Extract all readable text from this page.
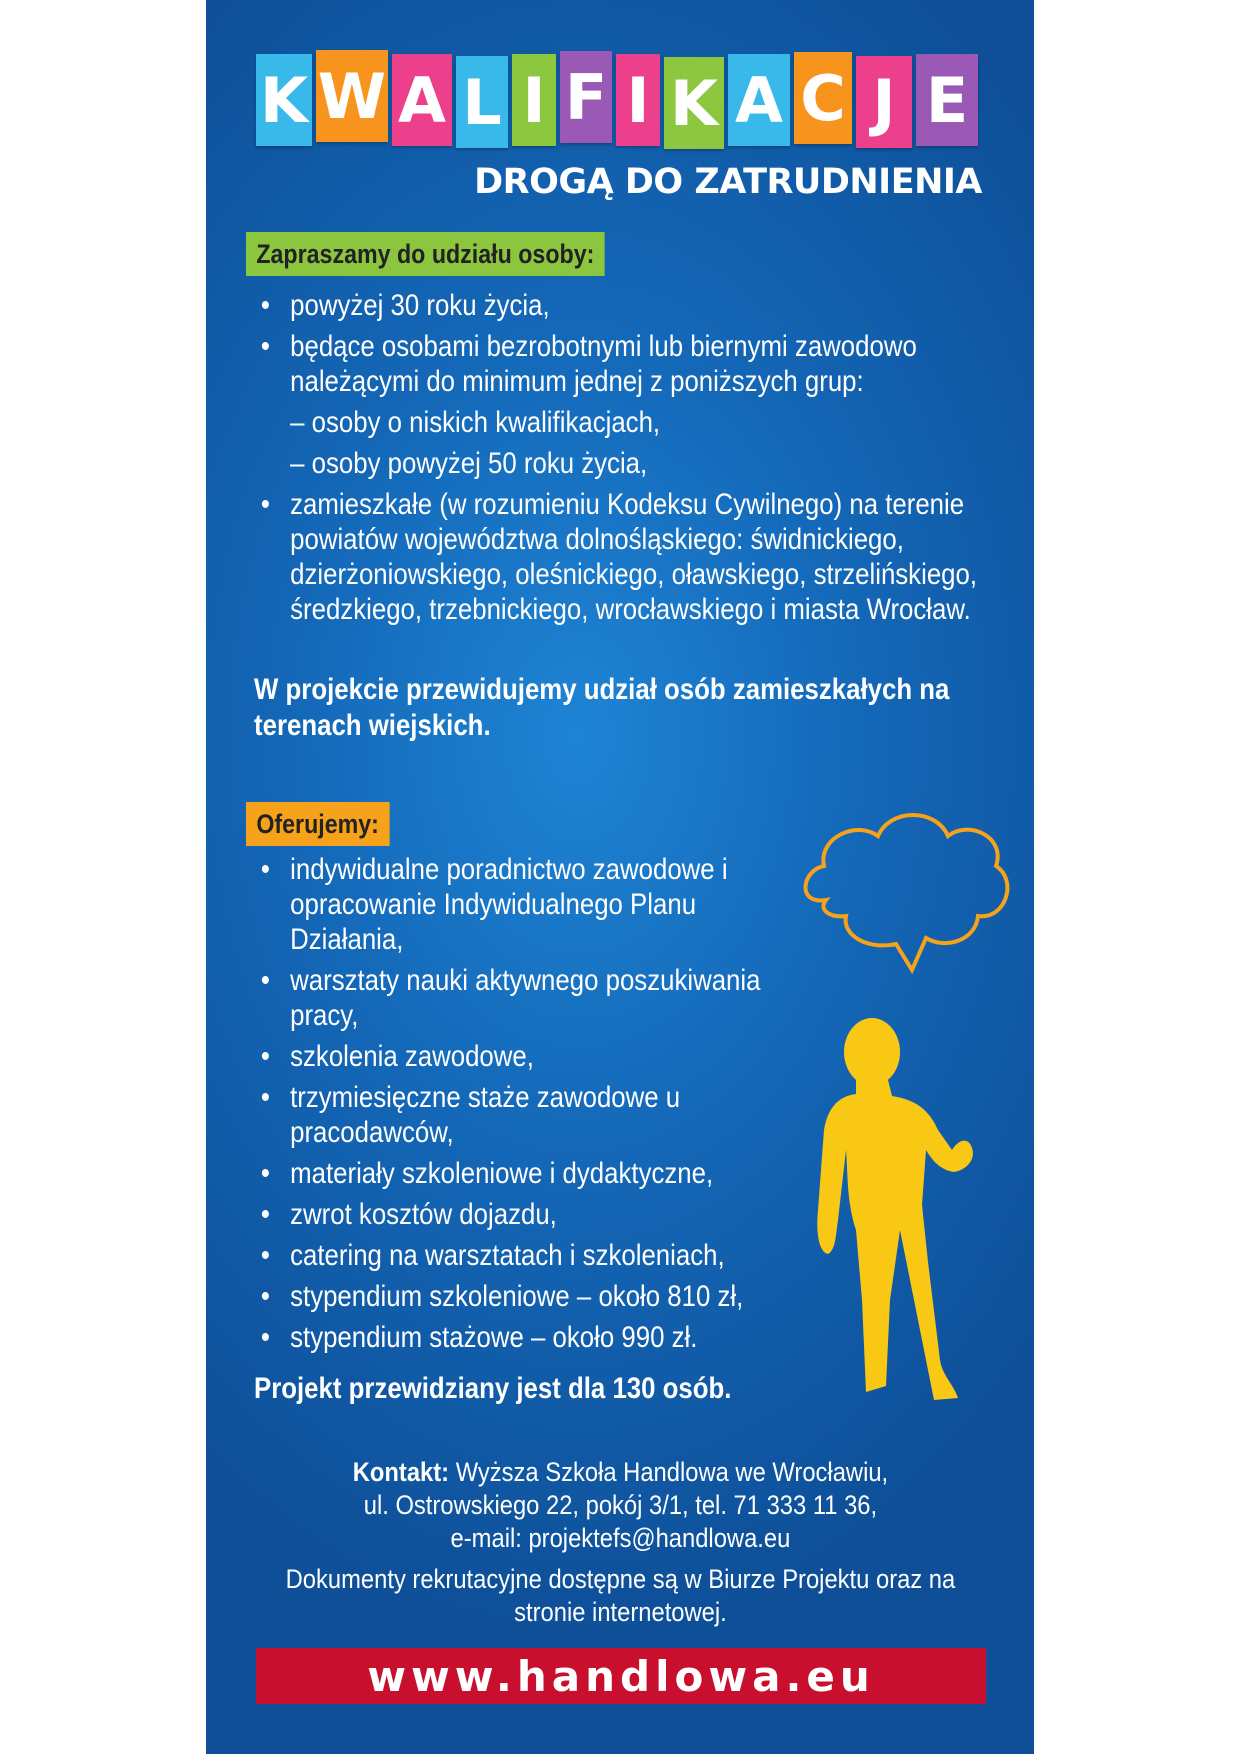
K W A L I F I K A C J E
DROGĄ DO ZATRUDNIENIA
Zapraszamy do udziału osoby:
• powyżej 30 roku życia,
• będące osobami bezrobotnymi lub biernymi zawodowo należącymi do minimum jednej z poniższych grup:
– osoby o niskich kwalifikacjach,
– osoby powyżej 50 roku życia,
• zamieszkałe (w rozumieniu Kodeksu Cywilnego) na terenie powiatów województwa dolnośląskiego: świdnickiego, dzierżoniowskiego, oleśnickiego, oławskiego, strzelińskiego, średzkiego, trzebnickiego, wrocławskiego i miasta Wrocław.
W projekcie przewidujemy udział osób zamieszkałych na terenach wiejskich.
Oferujemy:
• indywidualne poradnictwo zawodowe i opracowanie Indywidualnego Planu Działania,
• warsztaty nauki aktywnego poszukiwania pracy,
• szkolenia zawodowe,
• trzymiesięczne staże zawodowe u pracodawców,
• materiały szkoleniowe i dydaktyczne,
• zwrot kosztów dojazdu,
• catering na warsztatach i szkoleniach,
• stypendium szkoleniowe – około 810 zł,
• stypendium stażowe – około 990 zł.
Projekt przewidziany jest dla 130 osób.

Kontakt: Wyższa Szkoła Handlowa we Wrocławiu,

ul. Ostrowskiego 22, pokój 3/1, tel. 71 333 11 36,

e-mail: projektefs@handlowa.eu

Dokumenty rekrutacyjne dostępne są w Biurze Projektu oraz na

stronie internetowej.

www.handlowa.eu
